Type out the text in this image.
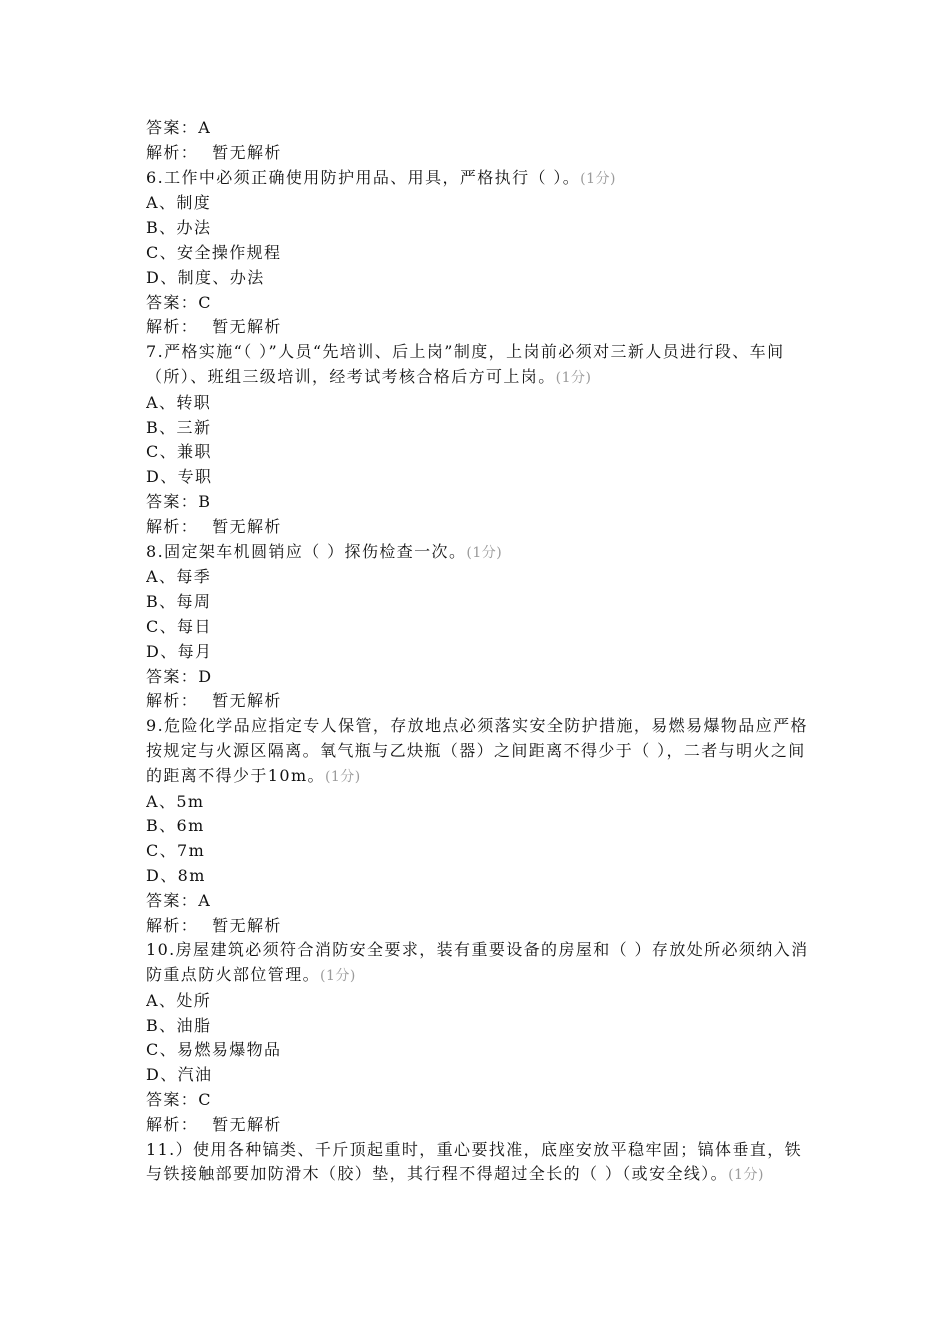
答案：A
解析： 暂无解析
6.工作中必须正确使用防护用品、用具，严格执行（ ）。(1分)
A、制度
B、办法
C、安全操作规程
D、制度、办法
答案：C
解析： 暂无解析
7.严格实施“（ ）”人员“先培训、后上岗”制度，上岗前必须对三新人员进行段、车间（所）、班组三级培训，经考试考核合格后方可上岗。(1分)
A、转职
B、三新
C、兼职
D、专职
答案：B
解析： 暂无解析
8.固定架车机圆销应（ ）探伤检查一次。(1分)
A、每季
B、每周
C、每日
D、每月
答案：D
解析： 暂无解析
9.危险化学品应指定专人保管，存放地点必须落实安全防护措施，易燃易爆物品应严格按规定与火源区隔离。氧气瓶与乙炔瓶（器）之间距离不得少于（ ），二者与明火之间的距离不得少于10m。(1分)
A、5m
B、6m
C、7m
D、8m
答案：A
解析： 暂无解析
10.房屋建筑必须符合消防安全要求，装有重要设备的房屋和（ ）存放处所必须纳入消防重点防火部位管理。(1分)
A、处所
B、油脂
C、易燃易爆物品
D、汽油
答案：C
解析： 暂无解析
11.）使用各种镐类、千斤顶起重时，重心要找准，底座安放平稳牢固；镐体垂直，铁与铁接触部要加防滑木（胶）垫，其行程不得超过全长的（ ）（或安全线）。(1分)
